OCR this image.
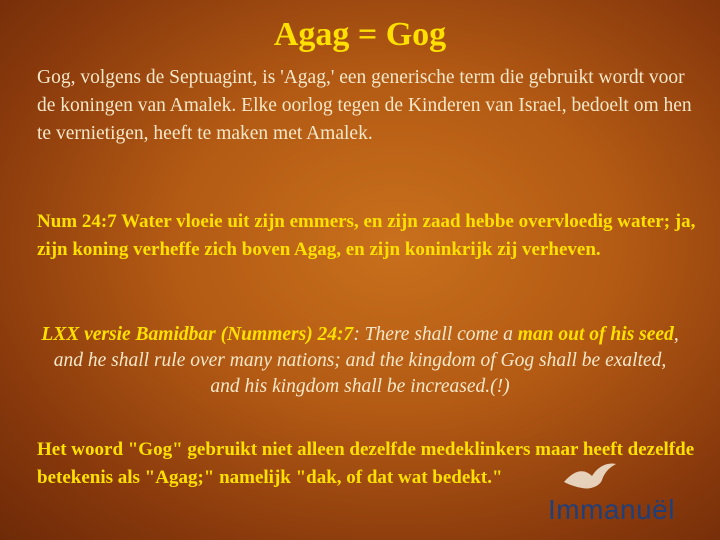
Agag = Gog

Gog, volgens de Septuagint, is 'Agag,' een generische term die gebruikt wordt voor de koningen van Amalek. Elke oorlog tegen de Kinderen van Israel, bedoelt om hen te vernietigen, heeft te maken met Amalek.

Num 24:7 Water vloeie uit zijn emmers, en zijn zaad hebbe overvloedig water; ja, zijn koning verheffe zich boven Agag, en zijn koninkrijk zij verheven.

LXX versie Bamidbar (Nummers) 24:7: There shall come a man out of his seed, and he shall rule over many nations; and the kingdom of Gog shall be exalted, and his kingdom shall be increased.(!)

Het woord "Gog" gebruikt niet alleen dezelfde medeklinkers maar heeft dezelfde betekenis als "Agag;" namelijk "dak, of dat wat bedekt."

Immanuël
